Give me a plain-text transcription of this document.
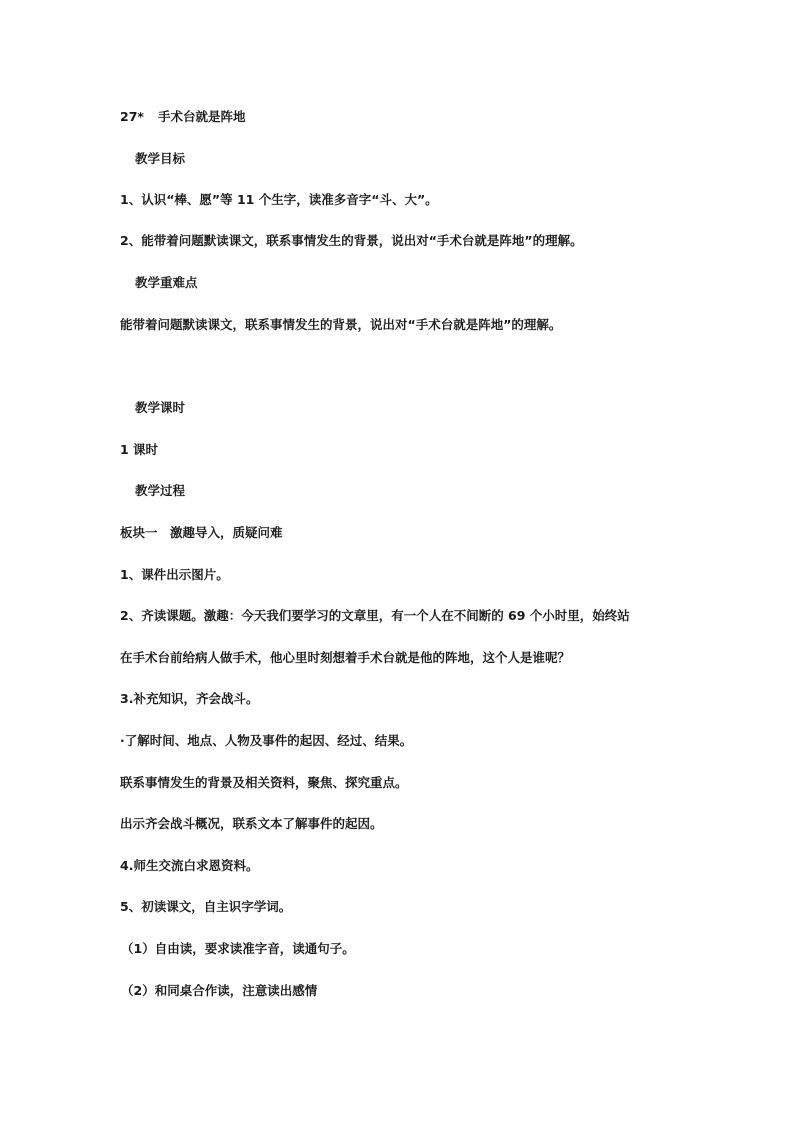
27* 手术台就是阵地
教学目标
1、认识“棒、愿”等 11 个生字，读准多音字“斗、大”。
2、能带着问题默读课文，联系事情发生的背景，说出对“手术台就是阵地”的理解。
教学重难点
能带着问题默读课文，联系事情发生的背景，说出对“手术台就是阵地”的理解。
教学课时
1 课时
教学过程
板块一　激趣导入，质疑问难
1、课件出示图片。
2、齐读课题。激趣：今天我们要学习的文章里，有一个人在不间断的 69 个小时里，始终站
在手术台前给病人做手术，他心里时刻想着手术台就是他的阵地，这个人是谁呢？
3.补充知识，齐会战斗。
·了解时间、地点、人物及事件的起因、经过、结果。
联系事情发生的背景及相关资料，聚焦、探究重点。
出示齐会战斗概况，联系文本了解事件的起因。
4.师生交流白求恩资料。
5、初读课文，自主识字学词。
（1）自由读，要求读准字音，读通句子。
（2）和同桌合作读，注意读出感情
